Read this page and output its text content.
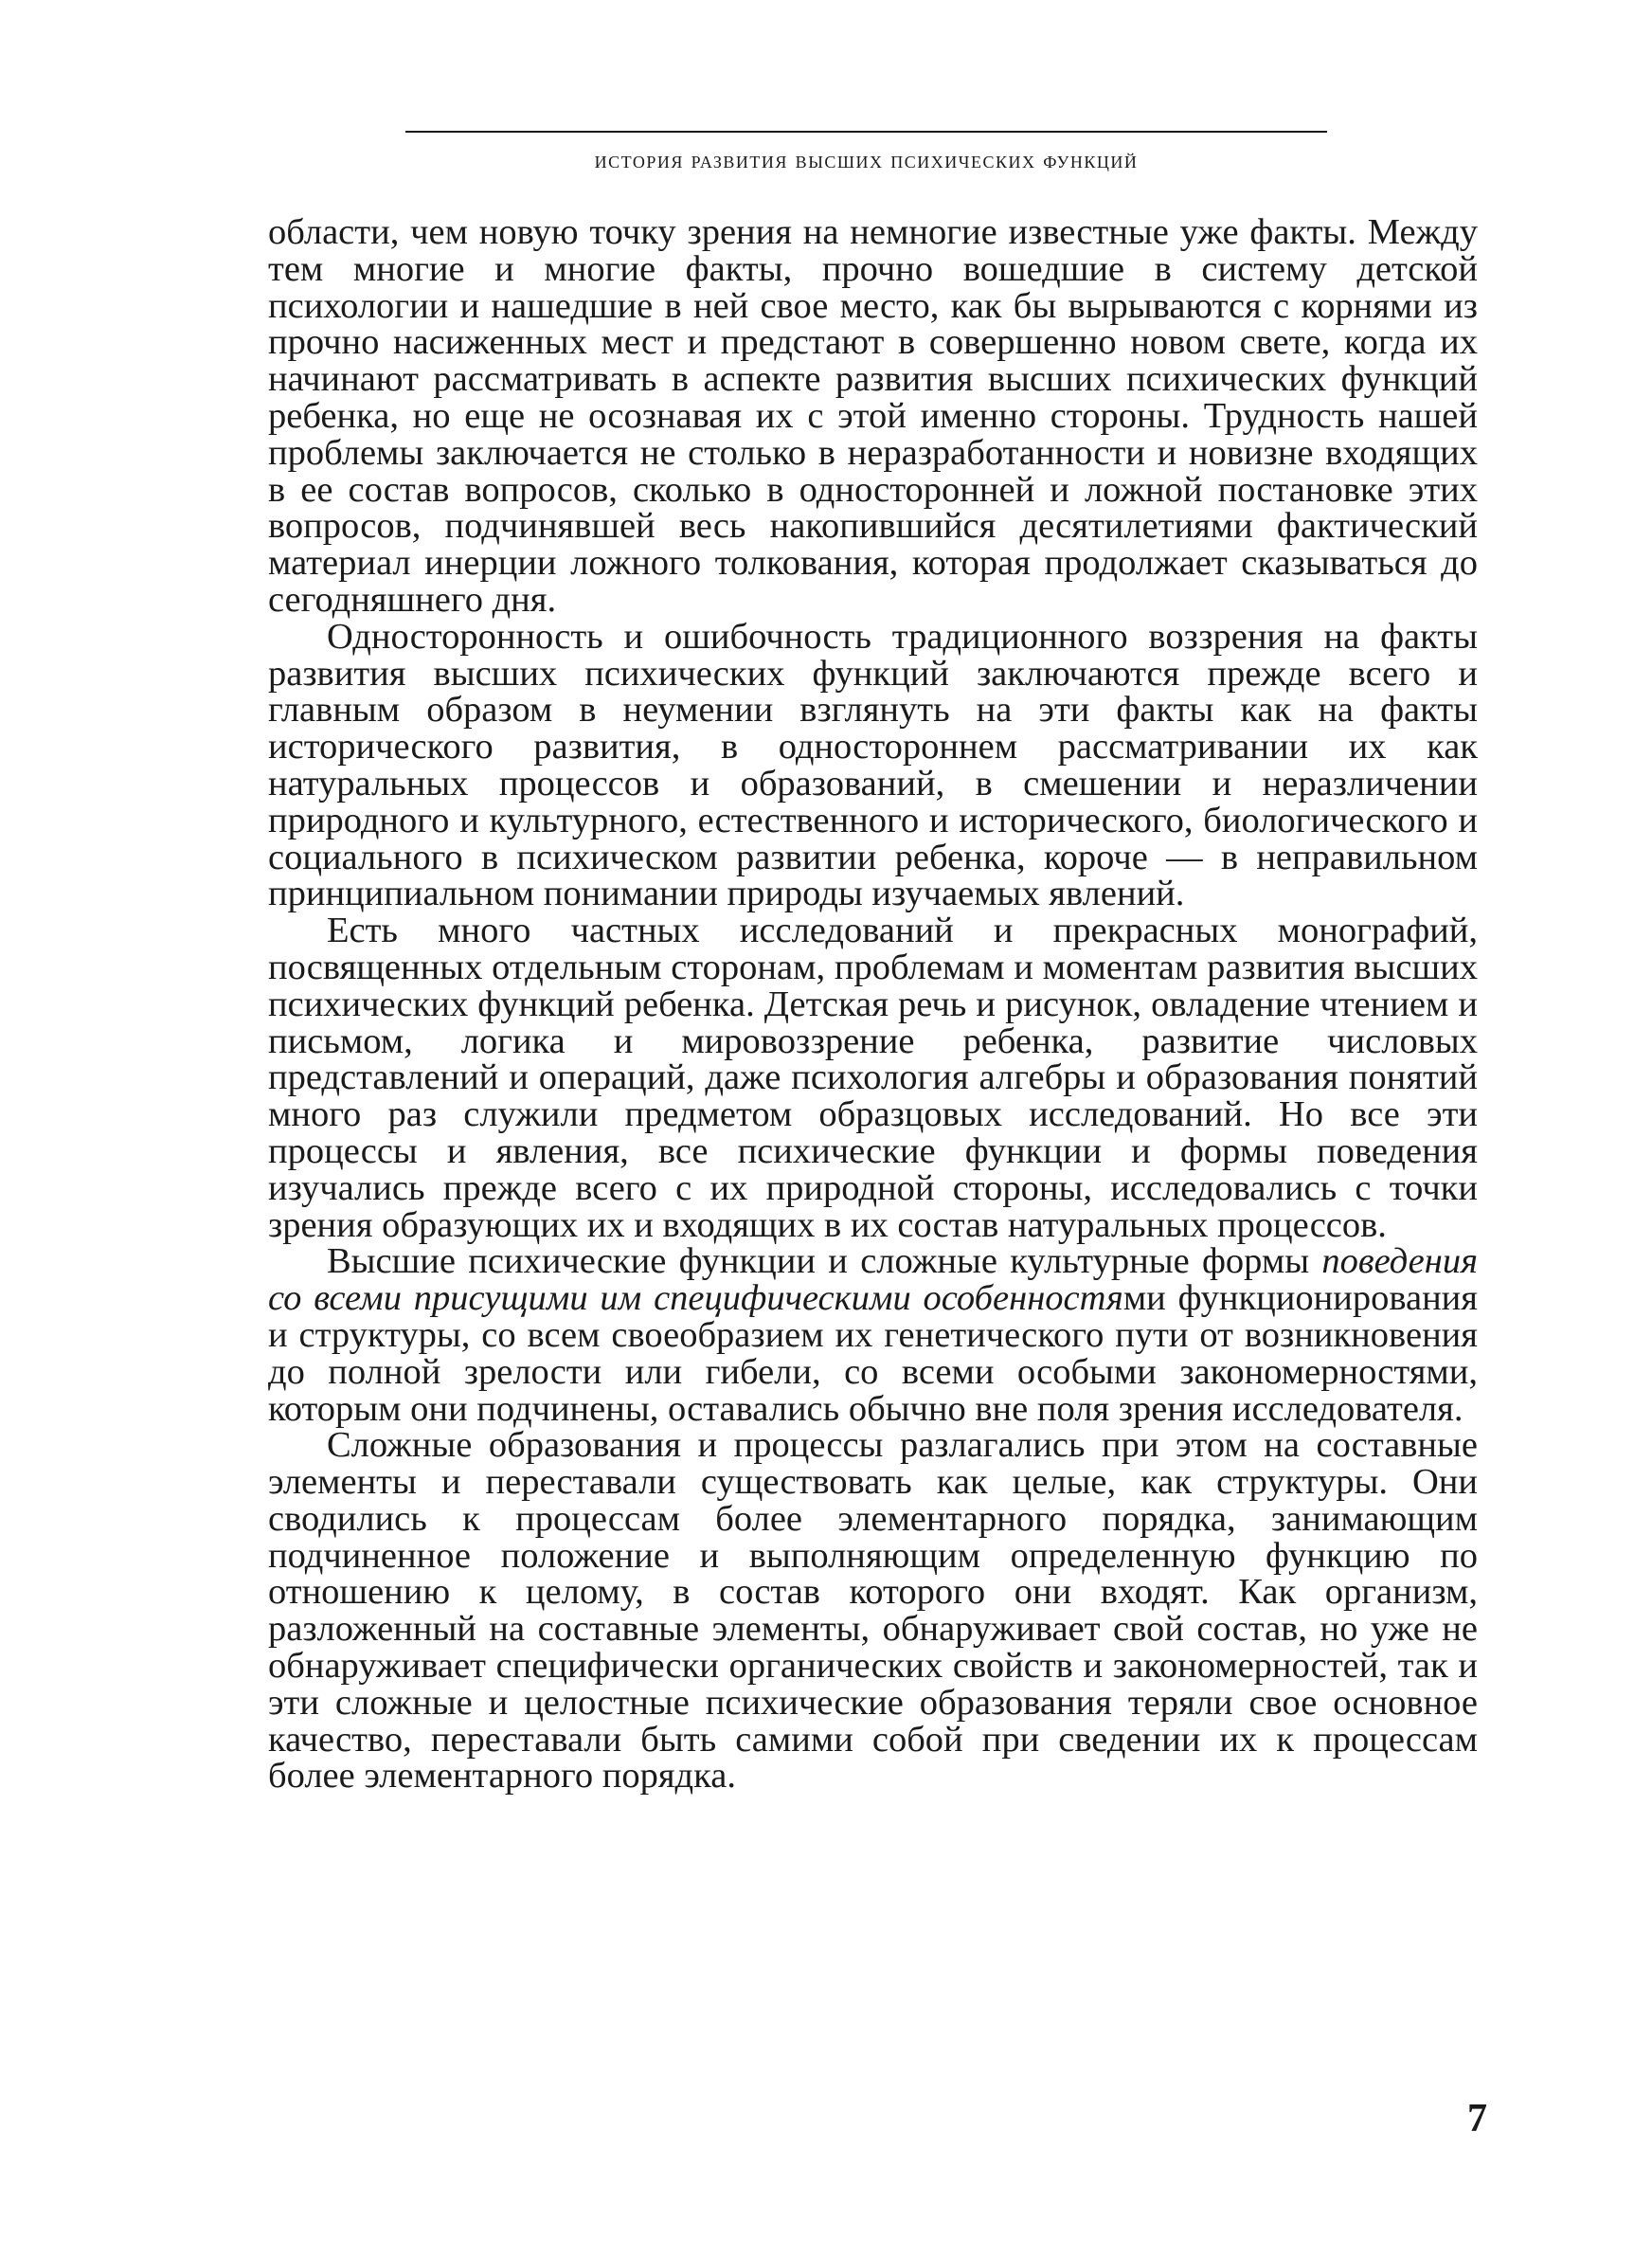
история развития высших психических функций

области, чем новую точку зрения на немногие известные уже факты. Между тем многие и многие факты, прочно вошедшие в систему детской психологии и нашедшие в ней свое место, как бы вырываются с корнями из прочно насиженных мест и предстают в совершенно новом свете, когда их начинают рассматривать в аспекте развития высших психических функций ребенка, но еще не осознавая их с этой именно стороны. Трудность нашей проблемы заключается не столько в неразработанности и новизне входящих в ее состав вопросов, сколько в односторонней и ложной постановке этих вопросов, подчинявшей весь накопившийся десятилетиями фактический материал инерции ложного толкования, которая продолжает сказываться до сегодняшнего дня.

Односторонность и ошибочность традиционного воззрения на факты развития высших психических функций заключаются прежде всего и главным образом в неумении взглянуть на эти факты как на факты исторического развития, в одностороннем рассматривании их как натуральных процессов и образований, в смешении и неразличении природного и культурного, естественного и исторического, биологического и социального в психическом развитии ребенка, короче — в неправильном принципиальном понимании природы изучаемых явлений.

Есть много частных исследований и прекрасных монографий, посвященных отдельным сторонам, проблемам и моментам развития высших психических функций ребенка. Детская речь и рисунок, овладение чтением и письмом, логика и мировоззрение ребенка, развитие числовых представлений и операций, даже психология алгебры и образования понятий много раз служили предметом образцовых исследований. Но все эти процессы и явления, все психические функции и формы поведения изучались прежде всего с их природной стороны, исследовались с точки зрения образующих их и входящих в их состав натуральных процессов.

Высшие психические функции и сложные культурные формы поведения со всеми присущими им специфическими особенностями функционирования и структуры, со всем своеобразием их генетического пути от возникновения до полной зрелости или гибели, со всеми особыми закономерностями, которым они подчинены, оставались обычно вне поля зрения исследователя.

Сложные образования и процессы разлагались при этом на составные элементы и переставали существовать как целые, как структуры. Они сводились к процессам более элементарного порядка, занимающим подчиненное положение и выполняющим определенную функцию по отношению к целому, в состав которого они входят. Как организм, разложенный на составные элементы, обнаруживает свой состав, но уже не обнаруживает специфически органических свойств и закономерностей, так и эти сложные и целостные психические образования теряли свое основное качество, переставали быть самими собой при сведении их к процессам более элементарного порядка.

7
